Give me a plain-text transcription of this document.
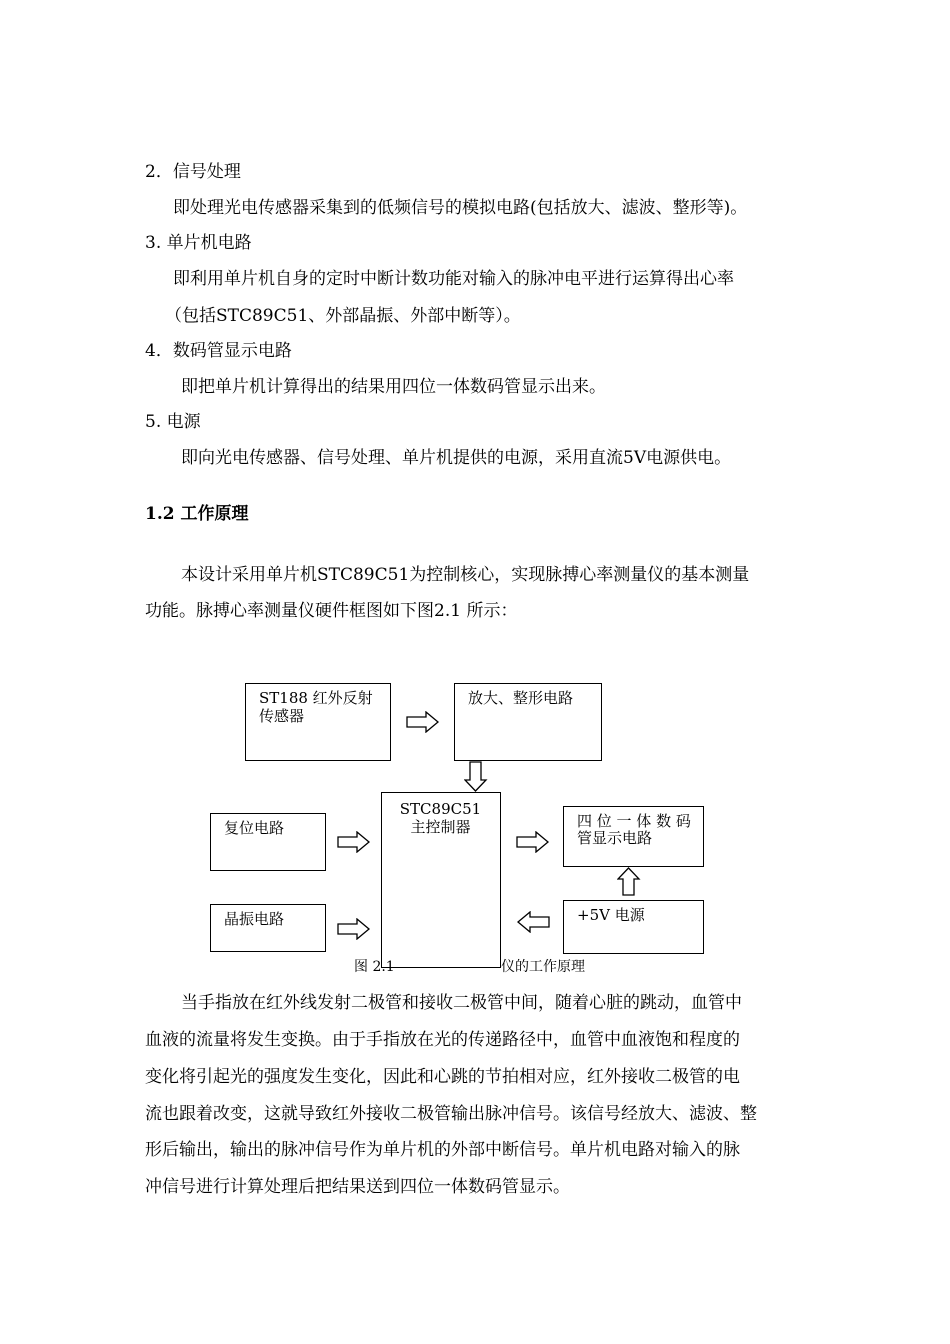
2．信号处理
即处理光电传感器采集到的低频信号的模拟电路(包括放大、滤波、整形等)。
3. 单片机电路
即利用单片机自身的定时中断计数功能对输入的脉冲电平进行运算得出心率
（包括STC89C51、外部晶振、外部中断等）。
4．数码管显示电路
即把单片机计算得出的结果用四位一体数码管显示出来。
5. 电源
即向光电传感器、信号处理、单片机提供的电源，采用直流5V电源供电。
1.2 工作原理
本设计采用单片机STC89C51为控制核心，实现脉搏心率测量仪的基本测量
功能。脉搏心率测量仪硬件框图如下图2.1 所示：
ST188 红外反射
传感器
放大、整形电路
STC89C51
主控制器
复位电路	四 位 一 体 数 码
管显示电路
晶振电路	+5V 电源
图 2.1	仪的工作原理
当手指放在红外线发射二极管和接收二极管中间，随着心脏的跳动，血管中
血液的流量将发生变换。由于手指放在光的传递路径中，血管中血液饱和程度的
变化将引起光的强度发生变化，因此和心跳的节拍相对应，红外接收二极管的电
流也跟着改变，这就导致红外接收二极管输出脉冲信号。该信号经放大、滤波、整
形后输出，输出的脉冲信号作为单片机的外部中断信号。单片机电路对输入的脉
冲信号进行计算处理后把结果送到四位一体数码管显示。
